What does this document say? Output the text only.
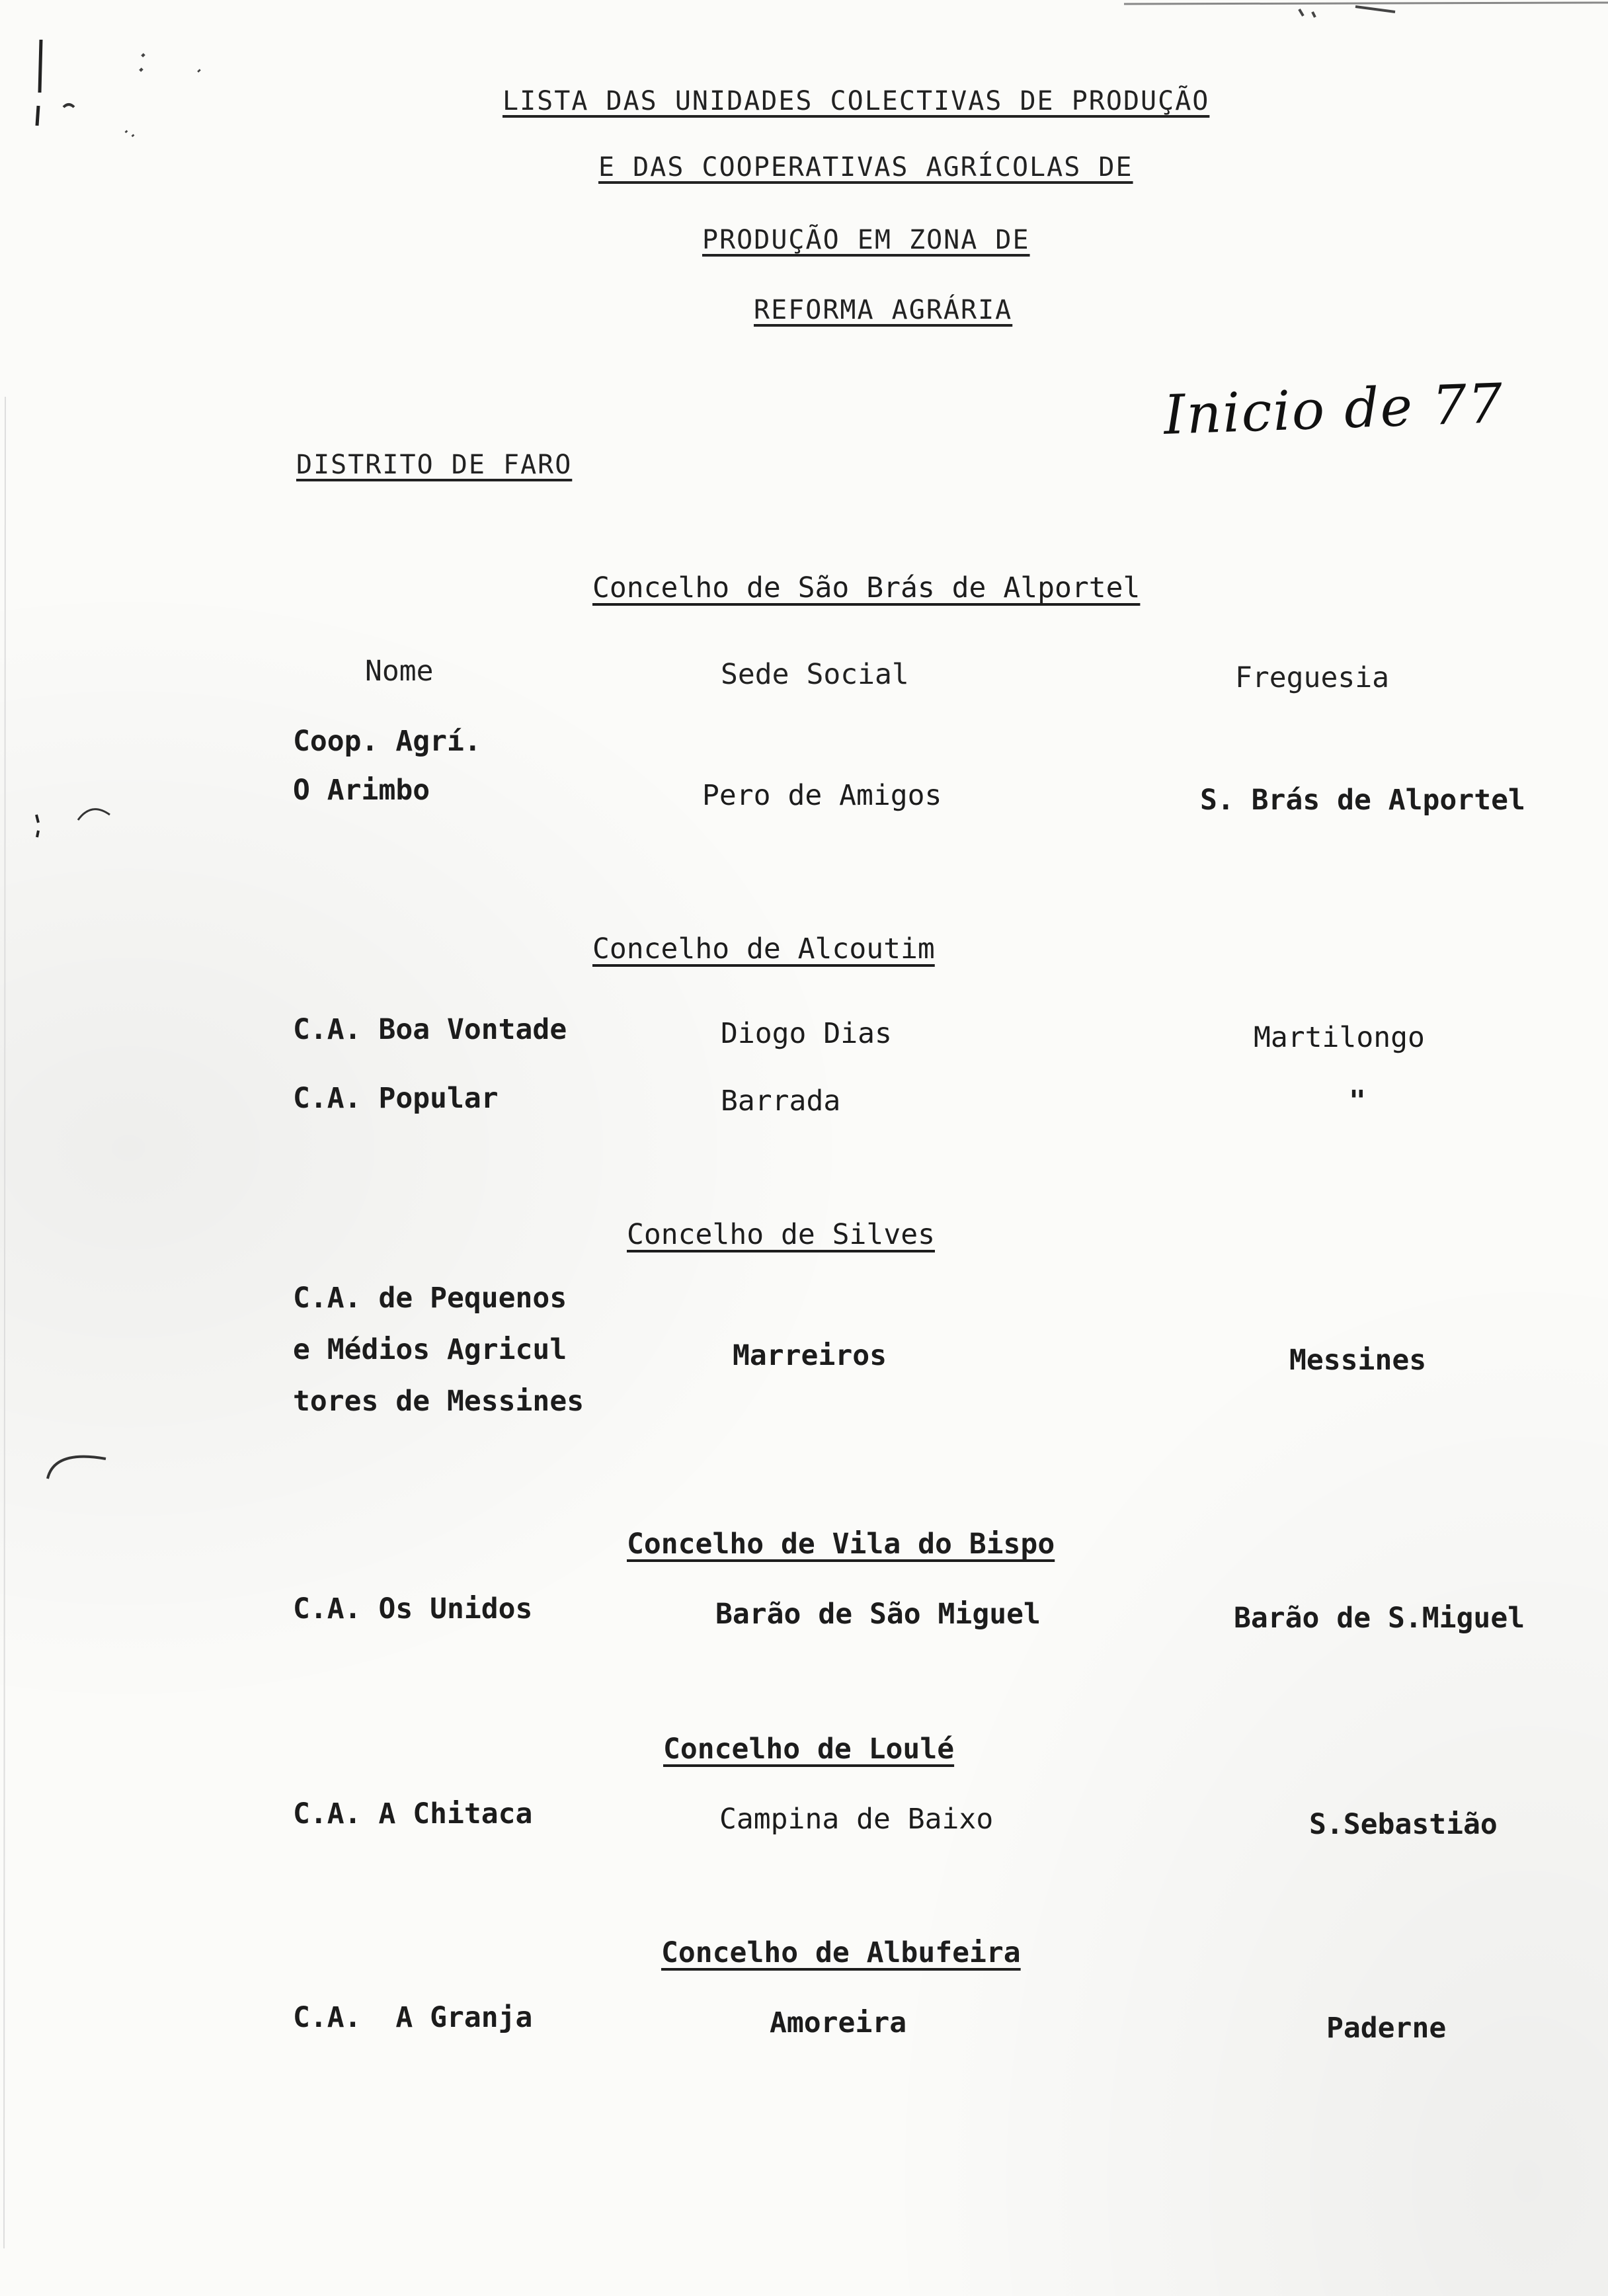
LISTA DAS UNIDADES COLECTIVAS DE PRODUÇÃO
E DAS COOPERATIVAS AGRÍCOLAS DE
PRODUÇÃO EM ZONA DE
REFORMA AGRÁRIA
Inicio de 77
DISTRITO DE FARO
Concelho de São Brás de Alportel
Nome	Sede Social	Freguesia
Coop. Agrí.
O Arimbo	Pero de Amigos	S. Brás de Alportel
Concelho de Alcoutim
C.A. Boa Vontade	Diogo Dias	Martilongo
C.A. Popular	Barrada	"
Concelho de Silves
C.A. de Pequenos
e Médios Agricul
tores de Messines
Marreiros	Messines
Concelho de Vila do Bispo
C.A. Os Unidos	Barão de São Miguel	Barão de S.Miguel
Concelho de Loulé
C.A. A Chitaca	Campina de Baixo	S.Sebastião
Concelho de Albufeira
C.A.  A Granja	Amoreira	Paderne
